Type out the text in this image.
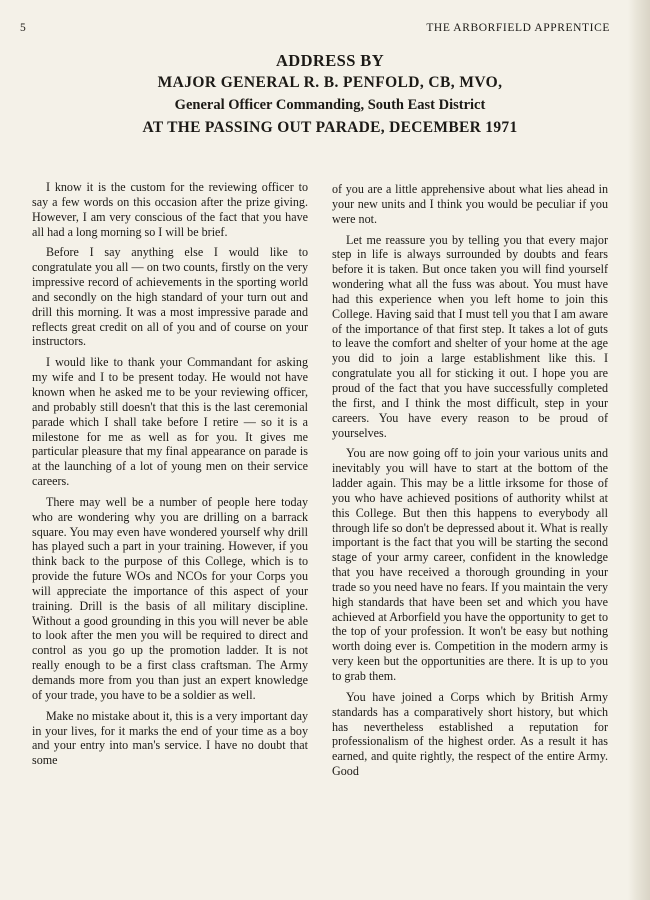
5	THE ARBORFIELD APPRENTICE
ADDRESS BY
MAJOR GENERAL R. B. PENFOLD, CB, MVO,
General Officer Commanding, South East District
AT THE PASSING OUT PARADE, DECEMBER 1971

I know it is the custom for the reviewing officer to say a few words on this occasion after the prize giving. However, I am very conscious of the fact that you have all had a long morning so I will be brief.

Before I say anything else I would like to congratulate you all — on two counts, firstly on the very impressive record of achievements in the sporting world and secondly on the high standard of your turn out and drill this morning. It was a most impressive parade and reflects great credit on all of you and of course on your instructors.

I would like to thank your Commandant for asking my wife and I to be present today. He would not have known when he asked me to be your reviewing officer, and probably still doesn't that this is the last ceremonial parade which I shall take before I retire — so it is a milestone for me as well as for you. It gives me particular pleasure that my final appearance on parade is at the launching of a lot of young men on their service careers.

There may well be a number of people here today who are wondering why you are drilling on a barrack square. You may even have wondered yourself why drill has played such a part in your training. However, if you think back to the purpose of this College, which is to provide the future WOs and NCOs for your Corps you will appreciate the importance of this aspect of your training. Drill is the basis of all military discipline. Without a good grounding in this you will never be able to look after the men you will be required to direct and control as you go up the promotion ladder. It is not really enough to be a first class craftsman. The Army demands more from you than just an expert knowledge of your trade, you have to be a soldier as well.

Make no mistake about it, this is a very important day in your lives, for it marks the end of your time as a boy and your entry into man's service. I have no doubt that some

of you are a little apprehensive about what lies ahead in your new units and I think you would be peculiar if you were not.

Let me reassure you by telling you that every major step in life is always surrounded by doubts and fears before it is taken. But once taken you will find yourself wondering what all the fuss was about. You must have had this experience when you left home to join this College. Having said that I must tell you that I am aware of the importance of that first step. It takes a lot of guts to leave the comfort and shelter of your home at the age you did to join a large establishment like this. I congratulate you all for sticking it out. I hope you are proud of the fact that you have successfully completed the first, and I think the most difficult, step in your careers. You have every reason to be proud of yourselves.

You are now going off to join your various units and inevitably you will have to start at the bottom of the ladder again. This may be a little irksome for those of you who have achieved positions of authority whilst at this College. But then this happens to everybody all through life so don't be depressed about it. What is really important is the fact that you will be starting the second stage of your army career, confident in the knowledge that you have received a thorough grounding in your trade so you need have no fears. If you maintain the very high standards that have been set and which you have achieved at Arborfield you have the opportunity to get to the top of your profession. It won't be easy but nothing worth doing ever is. Competition in the modern army is very keen but the opportunities are there. It is up to you to grab them.

You have joined a Corps which by British Army standards has a comparatively short history, but which has nevertheless established a reputation for professionalism of the highest order. As a result it has earned, and quite rightly, the respect of the entire Army. Good
